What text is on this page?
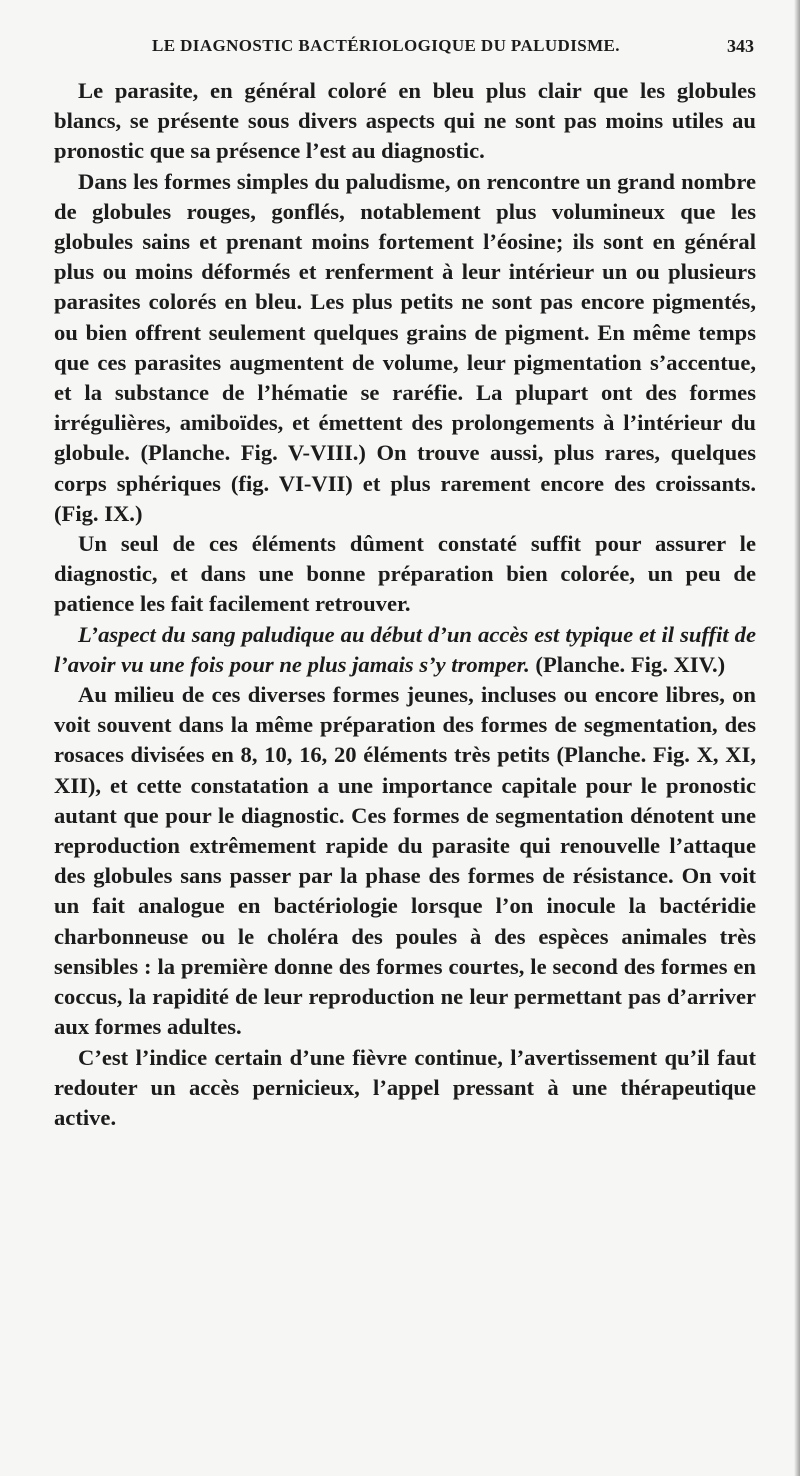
LE DIAGNOSTIC BACTÉRIOLOGIQUE DU PALUDISME.	343

Le parasite, en général coloré en bleu plus clair que les globules blancs, se présente sous divers aspects qui ne sont pas moins utiles au pronostic que sa présence l’est au diagnostic.

Dans les formes simples du paludisme, on rencontre un grand nombre de globules rouges, gonflés, notablement plus volumineux que les globules sains et prenant moins fortement l’éosine; ils sont en général plus ou moins déformés et renferment à leur intérieur un ou plusieurs parasites colorés en bleu. Les plus petits ne sont pas encore pigmentés, ou bien offrent seulement quelques grains de pigment. En même temps que ces parasites augmentent de volume, leur pigmentation s’accentue, et la substance de l’hématie se raréfie. La plupart ont des formes irrégulières, amiboïdes, et émettent des prolongements à l’intérieur du globule. (Planche. Fig. V-VIII.) On trouve aussi, plus rares, quelques corps sphériques (fig. VI-VII) et plus rarement encore des croissants. (Fig. IX.)

Un seul de ces éléments dûment constaté suffit pour assurer le diagnostic, et dans une bonne préparation bien colorée, un peu de patience les fait facilement retrouver.

L’aspect du sang paludique au début d’un accès est typique et il suffit de l’avoir vu une fois pour ne plus jamais s’y tromper. (Planche. Fig. XIV.)

Au milieu de ces diverses formes jeunes, incluses ou encore libres, on voit souvent dans la même préparation des formes de segmentation, des rosaces divisées en 8, 10, 16, 20 éléments très petits (Planche. Fig. X, XI, XII), et cette constatation a une importance capitale pour le pronostic autant que pour le diagnostic. Ces formes de segmentation dénotent une reproduction extrêmement rapide du parasite qui renouvelle l’attaque des globules sans passer par la phase des formes de résistance. On voit un fait analogue en bactériologie lorsque l’on inocule la bactéridie charbonneuse ou le choléra des poules à des espèces animales très sensibles : la première donne des formes courtes, le second des formes en coccus, la rapidité de leur reproduction ne leur permettant pas d’arriver aux formes adultes.

C’est l’indice certain d’une fièvre continue, l’avertissement qu’il faut redouter un accès pernicieux, l’appel pressant à une thérapeutique active.
